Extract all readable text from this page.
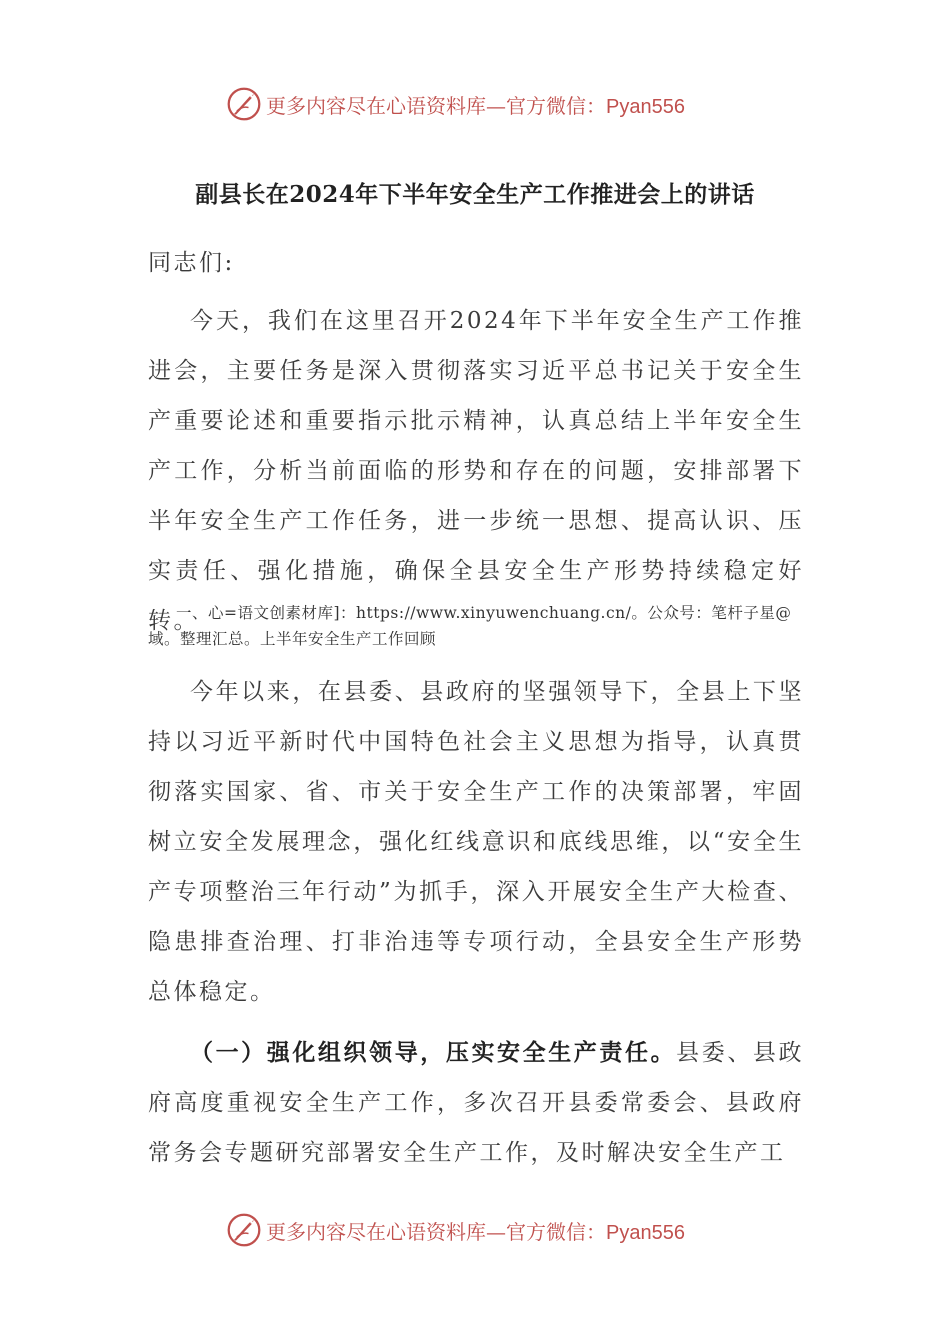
更多内容尽在心语资料库—官方微信：Pyan556
副县长在2024年下半年安全生产工作推进会上的讲话
同志们:
今天，我们在这里召开2024年下半年安全生产工作推进会，主要任务是深入贯彻落实习近平总书记关于安全生产重要论述和重要指示批示精神，认真总结上半年安全生产工作，分析当前面临的形势和存在的问题，安排部署下半年安全生产工作任务，进一步统一思想、提高认识、压实责任、强化措施，确保全县安全生产形势持续稳定好转。
一、心=语文创素材库]：https://www.xinyuwenchuang.cn/。公众号：笔杆子星@域。整理汇总。上半年安全生产工作回顾
今年以来，在县委、县政府的坚强领导下，全县上下坚持以习近平新时代中国特色社会主义思想为指导，认真贯彻落实国家、省、市关于安全生产工作的决策部署，牢固树立安全发展理念，强化红线意识和底线思维，以“安全生产专项整治三年行动”为抓手，深入开展安全生产大检查、隐患排查治理、打非治违等专项行动，全县安全生产形势总体稳定。
（一）强化组织领导，压实安全生产责任。县委、县政府高度重视安全生产工作，多次召开县委常委会、县政府常务会专题研究部署安全生产工作，及时解决安全生产工
更多内容尽在心语资料库—官方微信：Pyan556
